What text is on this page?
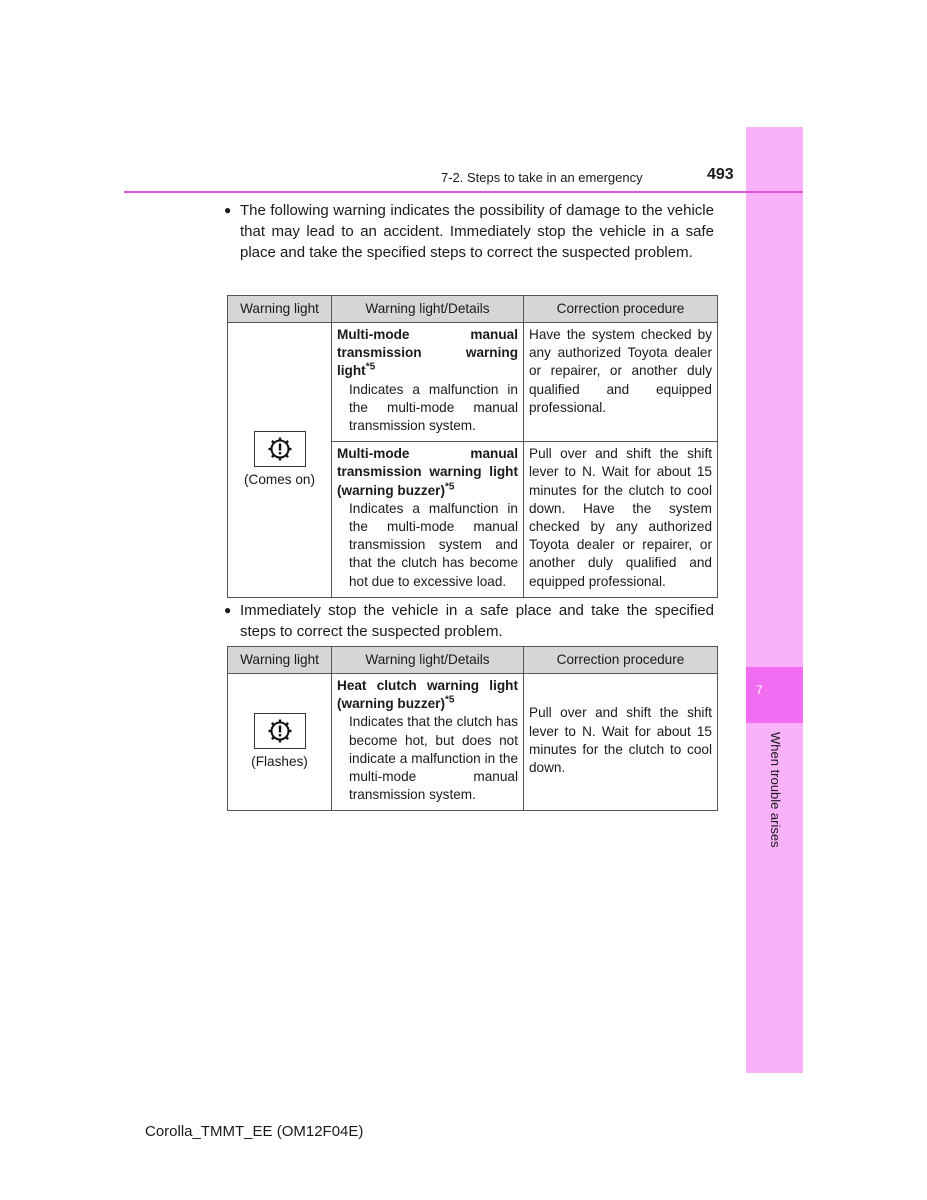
7
When trouble arises
7-2. Steps to take in an emergency	493
● The following warning indicates the possibility of damage to the vehicle that may lead to an accident. Immediately stop the vehicle in a safe place and take the specified steps to correct the suspected problem.
Warning light	Warning light/Details	Correction procedure

(Comes on)	Multi-mode manual transmission warning light$^{*5}$
Indicates a malfunction in the multi-mode manual transmission system.	Have the system checked by any authorized Toyota dealer or repairer, or another duly qualified and equipped professional.

	Multi-mode manual transmission warning light (warning buzzer)$^{*5}$
Indicates a malfunction in the multi-mode manual transmission system and that the clutch has become hot due to excessive load.	Pull over and shift the shift lever to N. Wait for about 15 minutes for the clutch to cool down. Have the system checked by any authorized Toyota dealer or repairer, or another duly qualified and equipped professional.
● Immediately stop the vehicle in a safe place and take the specified steps to correct the suspected problem.
Warning light	Warning light/Details	Correction procedure

(Flashes)	Heat clutch warning light (warning buzzer)$^{*5}$
Indicates that the clutch has become hot, but does not indicate a malfunction in the multi-mode manual transmission system.	Pull over and shift the shift lever to N. Wait for about 15 minutes for the clutch to cool down.
Corolla_TMMT_EE (OM12F04E)
